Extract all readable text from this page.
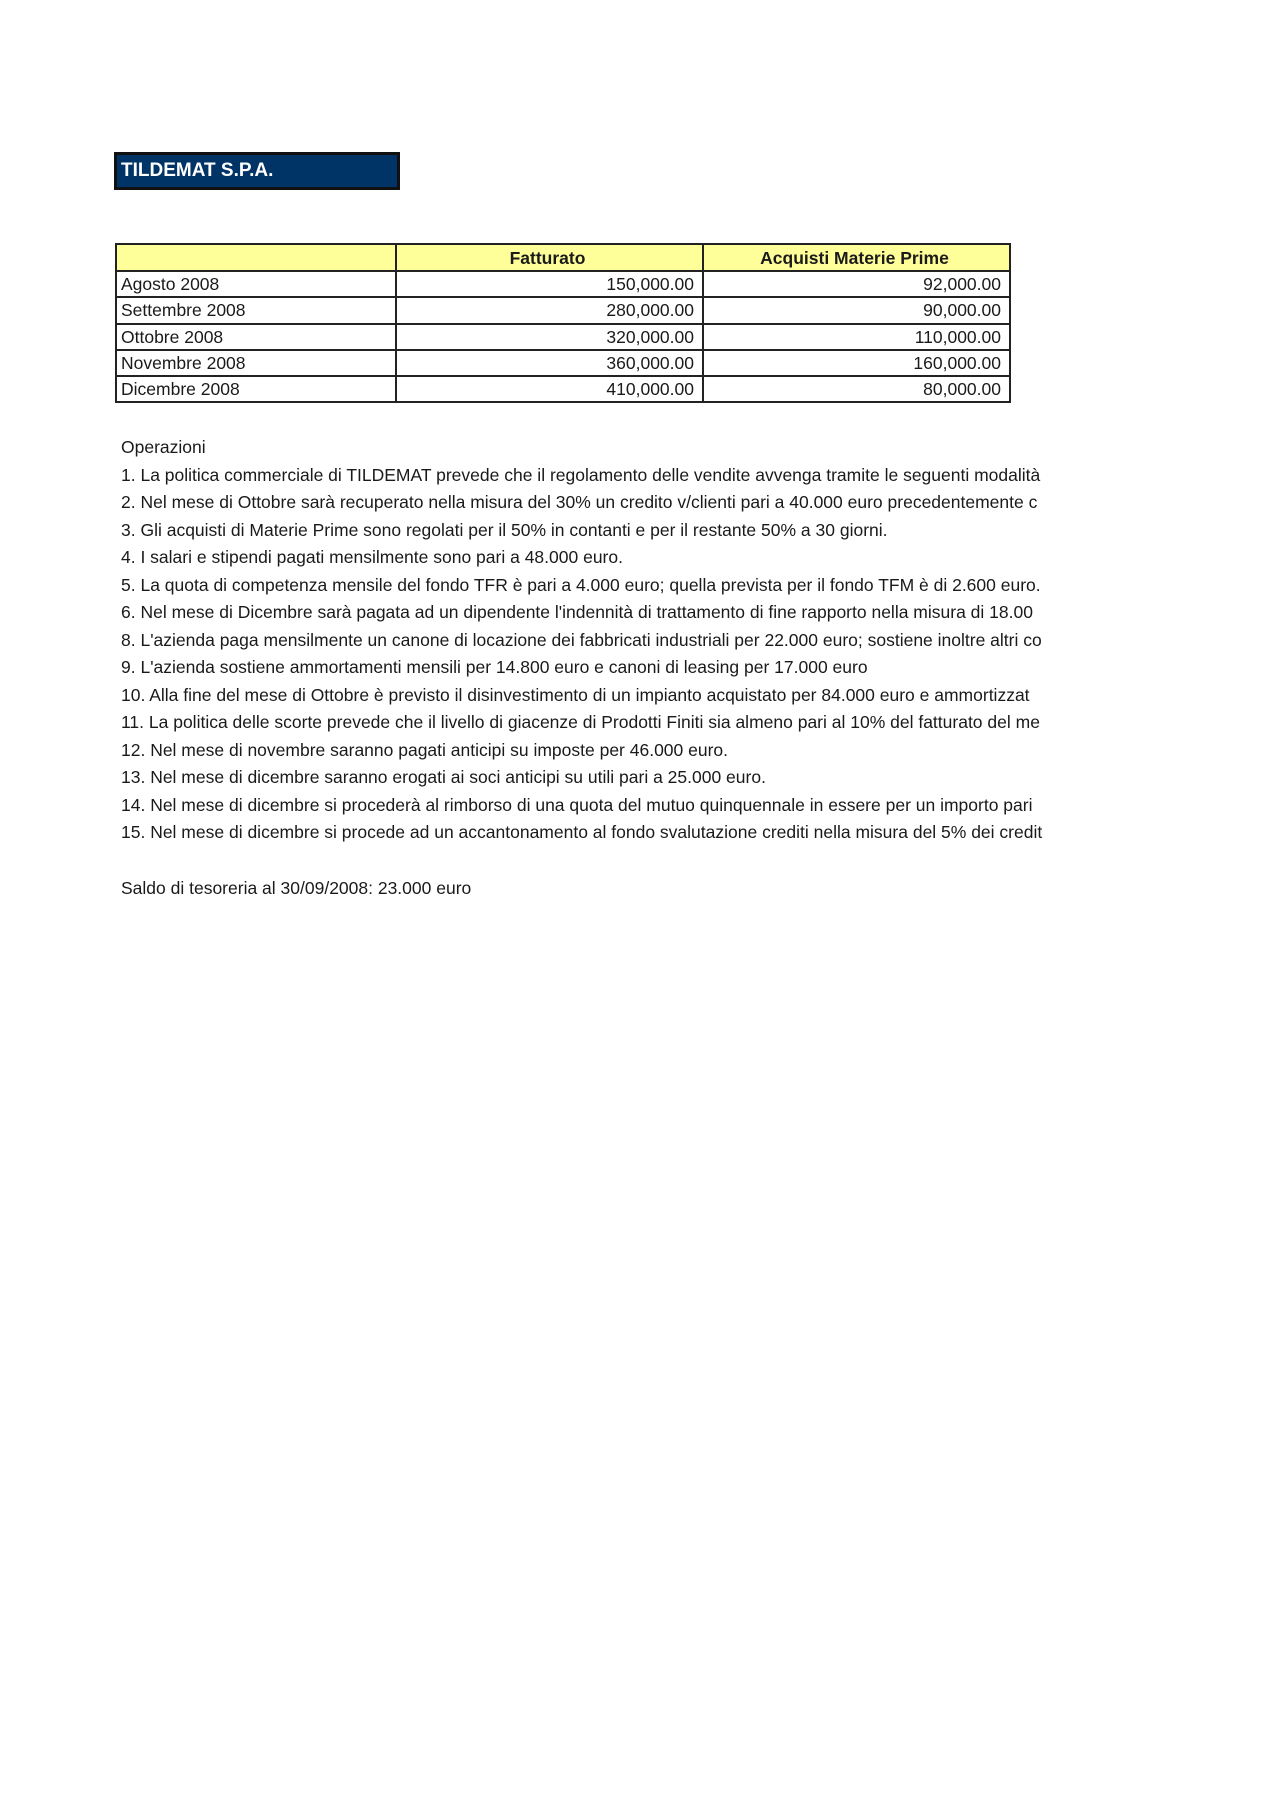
TILDEMAT S.P.A.
	Fatturato	Acquisti Materie Prime
Agosto 2008	150,000.00	92,000.00
Settembre 2008	280,000.00	90,000.00
Ottobre 2008	320,000.00	110,000.00
Novembre 2008	360,000.00	160,000.00
Dicembre 2008	410,000.00	80,000.00
Operazioni
1. La politica commerciale di TILDEMAT prevede che il regolamento delle vendite avvenga tramite le seguenti modalità
2. Nel mese di Ottobre sarà recuperato nella misura del 30% un credito v/clienti pari a 40.000 euro precedentemente c
3. Gli acquisti di Materie Prime sono regolati per il 50% in contanti e per il restante 50% a 30 giorni.
4. I salari e stipendi pagati mensilmente sono pari a 48.000 euro.
5. La quota di competenza mensile del fondo TFR è pari a 4.000 euro; quella prevista per il fondo TFM è di 2.600 euro.
6. Nel mese di Dicembre sarà pagata ad un dipendente l'indennità di trattamento di fine rapporto nella misura di 18.00
8. L'azienda paga mensilmente un canone di locazione dei fabbricati industriali per 22.000 euro; sostiene inoltre altri co
9. L'azienda sostiene ammortamenti mensili per 14.800 euro e canoni di leasing per 17.000 euro
10. Alla fine del mese di Ottobre è previsto il disinvestimento di un impianto acquistato per 84.000 euro e ammortizzat
11. La politica delle scorte prevede che il livello di giacenze di Prodotti Finiti sia almeno pari al 10% del fatturato del me
12. Nel mese di novembre saranno pagati anticipi su imposte per 46.000 euro.
13. Nel mese di dicembre saranno erogati ai soci anticipi su utili pari a 25.000 euro.
14. Nel mese di dicembre si procederà al rimborso di una quota del mutuo quinquennale in essere per un importo pari
15. Nel mese di dicembre si procede ad un accantonamento al fondo svalutazione crediti nella misura del 5% dei credit
Saldo di tesoreria al 30/09/2008: 23.000 euro
